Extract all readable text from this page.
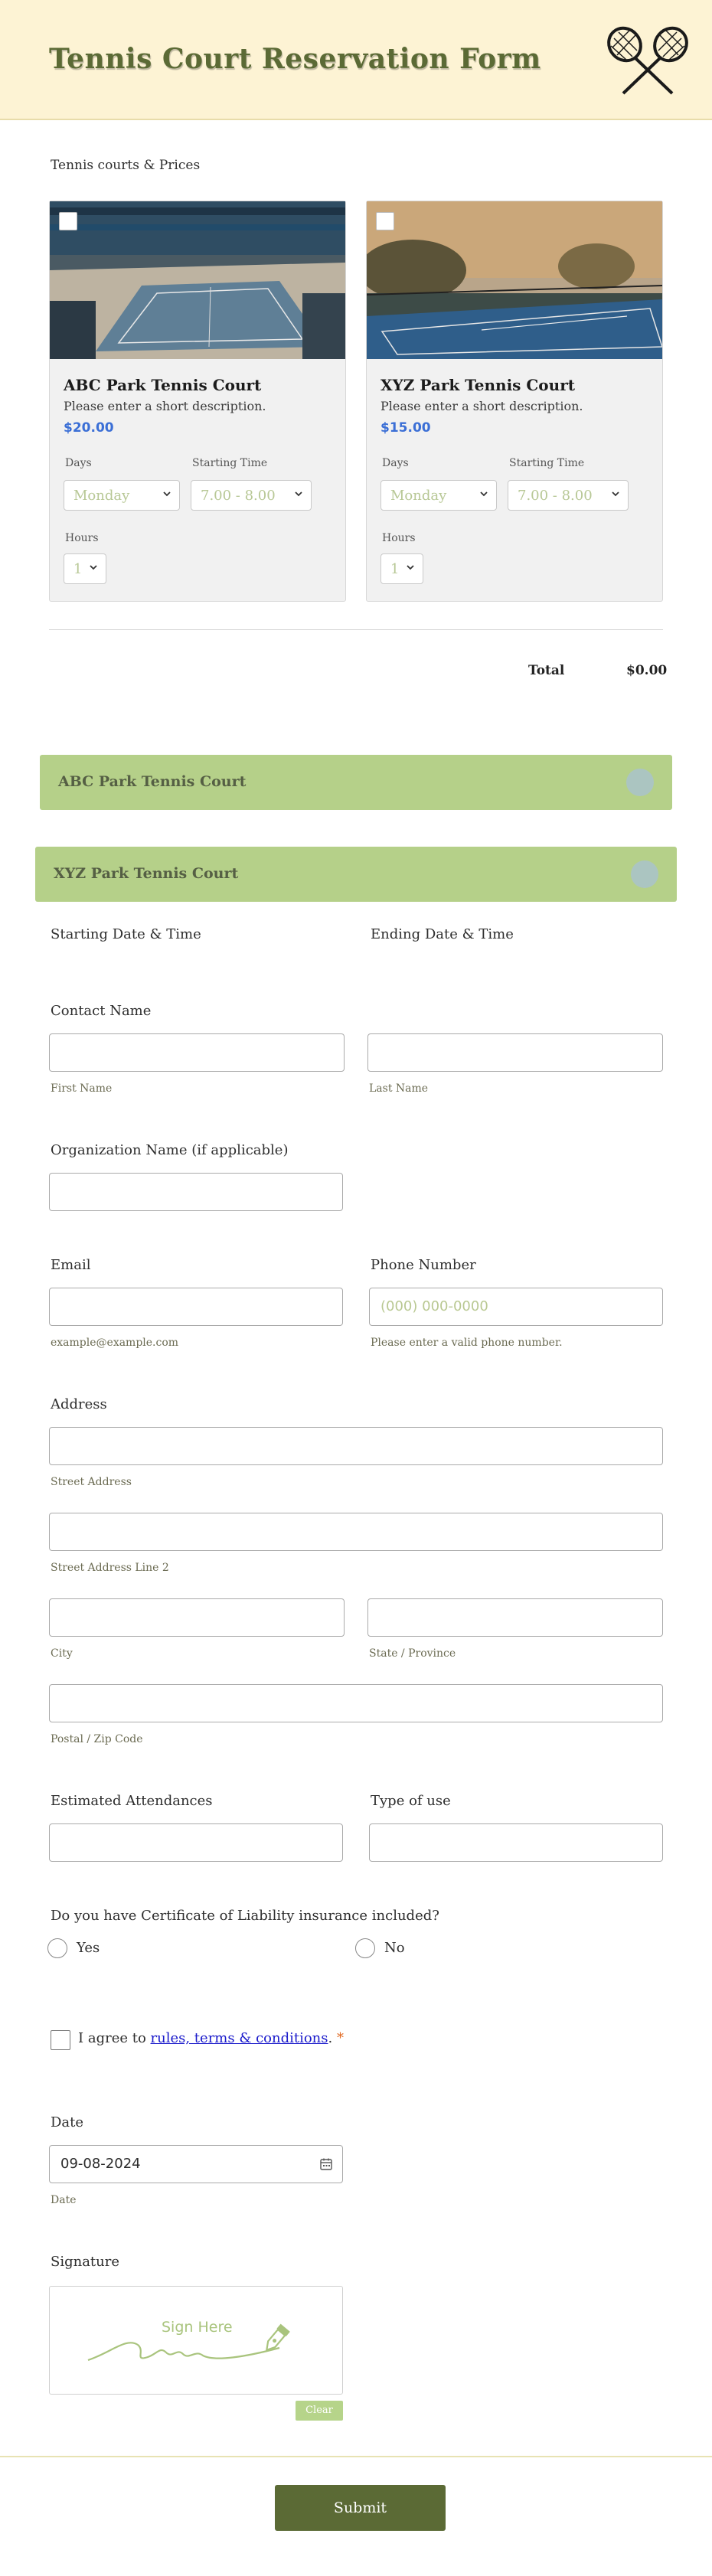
Tennis Court Reservation Form
Tennis courts & Prices
ABC Park Tennis Court
Please enter a short description.
$20.00
Days
Monday
Starting Time
7.00 - 8.00
Hours
1
XYZ Park Tennis Court
Please enter a short description.
$15.00
Days
Monday
Starting Time
7.00 - 8.00
Hours
1
Total	$0.00
ABC Park Tennis Court
XYZ Park Tennis Court
Starting Date & Time	Ending Date & Time
Contact Name
First Name	Last Name
Organization Name (if applicable)
Email
example@example.com
Phone Number
(000) 000-0000
Please enter a valid phone number.
Address
Street Address
Street Address Line 2
City	State / Province
Postal / Zip Code
Estimated Attendances	Type of use
Do you have Certificate of Liability insurance included?
Yes	No
I agree to rules, terms & conditions. *
Date
09-08-2024
Date
Signature
Sign Here
Clear
Submit
